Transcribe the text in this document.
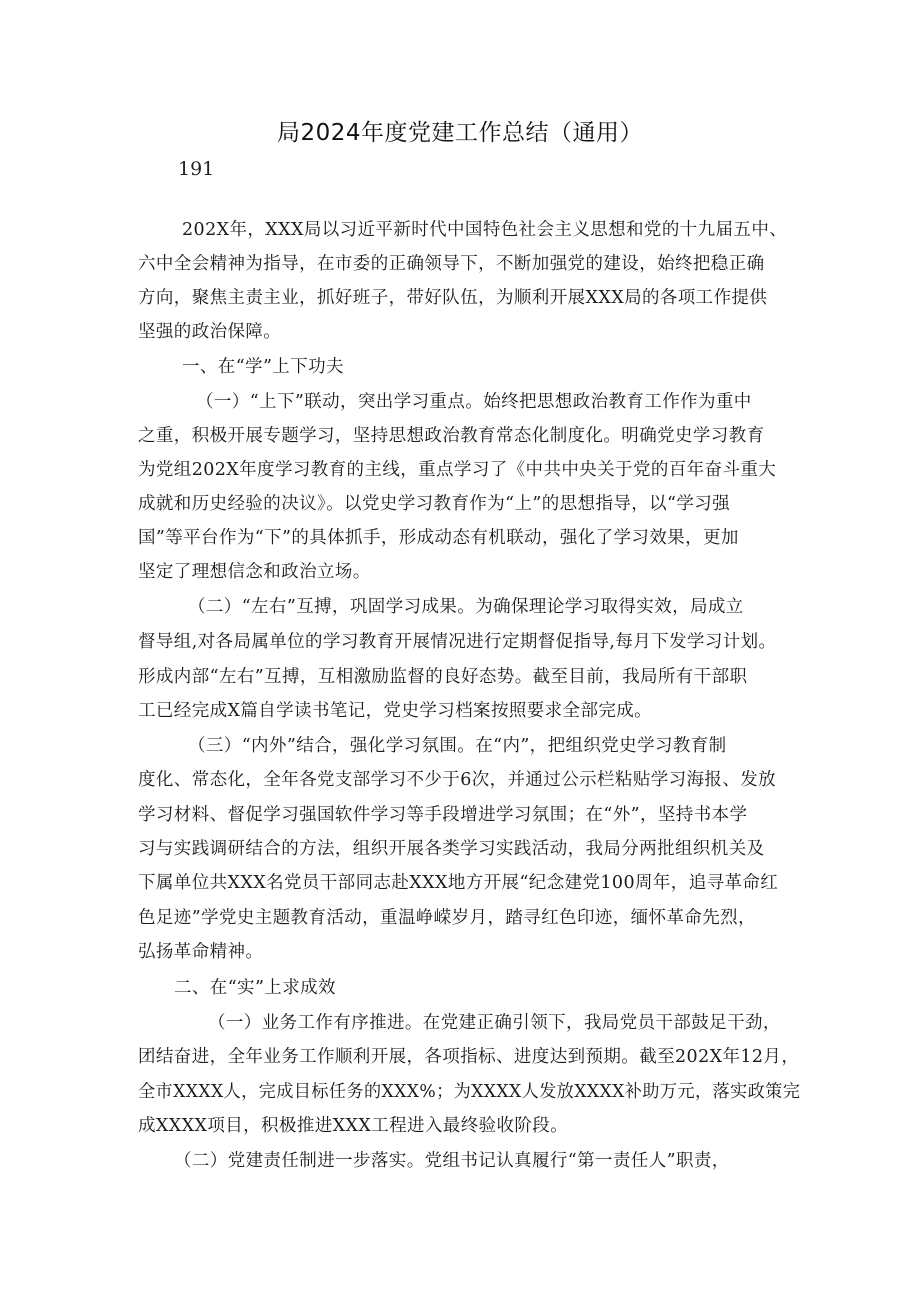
局2024年度党建工作总结（通用）
191
202X年，XXX局以习近平新时代中国特色社会主义思想和党的十九届五中、
六中全会精神为指导，在市委的正确领导下，不断加强党的建设，始终把稳正确
方向，聚焦主责主业，抓好班子，带好队伍，为顺利开展XXX局的各项工作提供
坚强的政治保障。
一、在“学”上下功夫
（一）“上下”联动，突出学习重点。始终把思想政治教育工作作为重中
之重，积极开展专题学习，坚持思想政治教育常态化制度化。明确党史学习教育
为党组202X年度学习教育的主线，重点学习了《中共中央关于党的百年奋斗重大
成就和历史经验的决议》。以党史学习教育作为“上”的思想指导，以“学习强
国”等平台作为“下”的具体抓手，形成动态有机联动，强化了学习效果，更加
坚定了理想信念和政治立场。
（二）“左右”互搏，巩固学习成果。为确保理论学习取得实效，局成立
督导组,对各局属单位的学习教育开展情况进行定期督促指导,每月下发学习计划。
形成内部“左右”互搏，互相激励监督的良好态势。截至目前，我局所有干部职
工已经完成X篇自学读书笔记，党史学习档案按照要求全部完成。
（三）“内外”结合，强化学习氛围。在“内”，把组织党史学习教育制
度化、常态化，全年各党支部学习不少于6次，并通过公示栏粘贴学习海报、发放
学习材料、督促学习强国软件学习等手段增进学习氛围；在“外”，坚持书本学
习与实践调研结合的方法，组织开展各类学习实践活动，我局分两批组织机关及
下属单位共XXX名党员干部同志赴XXX地方开展“纪念建党100周年，追寻革命红
色足迹”学党史主题教育活动，重温峥嵘岁月，踏寻红色印迹，缅怀革命先烈，
弘扬革命精神。
二、在“实”上求成效
（一）业务工作有序推进。在党建正确引领下，我局党员干部鼓足干劲，
团结奋进，全年业务工作顺利开展，各项指标、进度达到预期。截至202X年12月，
全市XXXX人，完成目标任务的XXX%；为XXXX人发放XXXX补助万元，落实政策完
成XXXX项目，积极推进XXX工程进入最终验收阶段。
（二）党建责任制进一步落实。党组书记认真履行“第一责任人”职责，
